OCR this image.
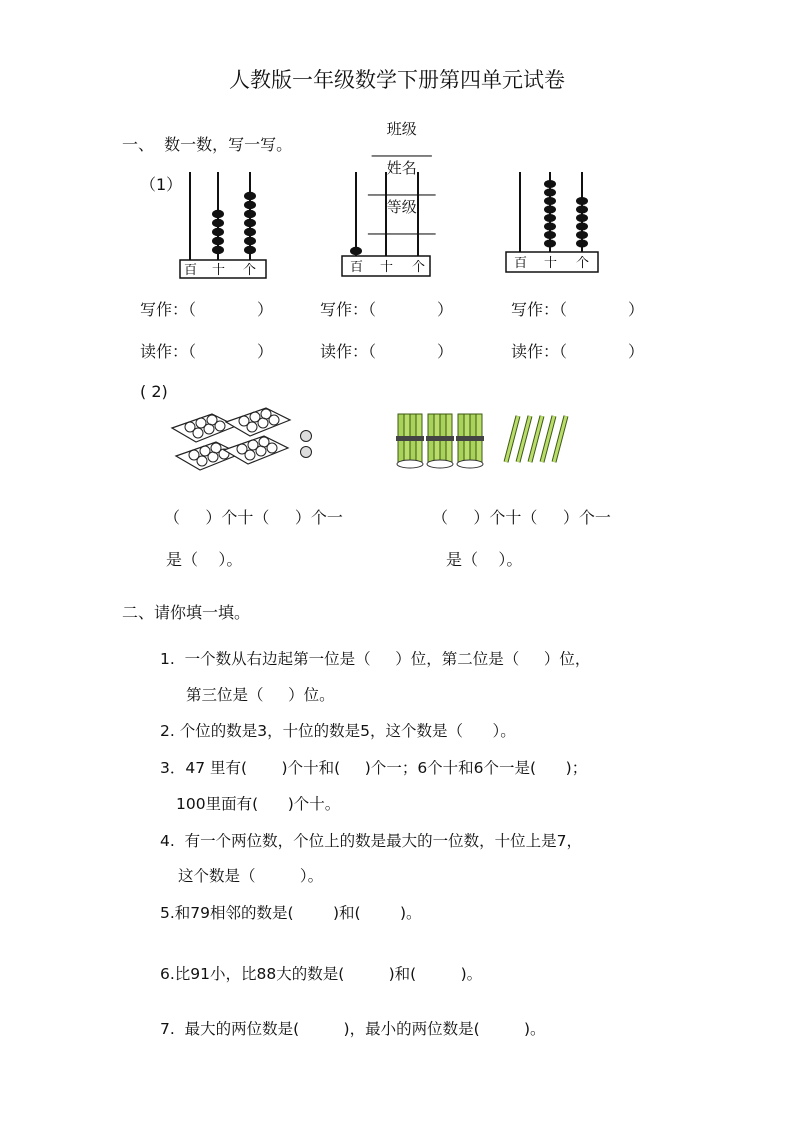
人教版一年级数学下册第四单元试卷

班级
________
姓名
_________
等级
_________

一、  数一数，写一写。
（1）
百 十 个	百 十 个	百 十 个
写作：（            ）	写作：（            ）	写作：（            ）
读作：（            ）	读作：（            ）	读作：（            ）
( 2)
（     ）个十（     ）个一	（     ）个十（     ）个一
是（    ）。	是（    ）。
二、请你填一填。
1.  一个数从右边起第一位是（     ）位，第二位是（     ）位，
第三位是（     ）位。
2. 个位的数是3，十位的数是5，这个数是（      ）。
3．47 里有(       )个十和(     )个一；6个十和6个一是(      )；
100里面有(      )个十。
4.  有一个两位数，个位上的数是最大的一位数，十位上是7，
这个数是（         ）。
5.和79相邻的数是(        )和(        )。
6.比91小，比88大的数是(         )和(         )。
7.  最大的两位数是(         )，最小的两位数是(         )。
